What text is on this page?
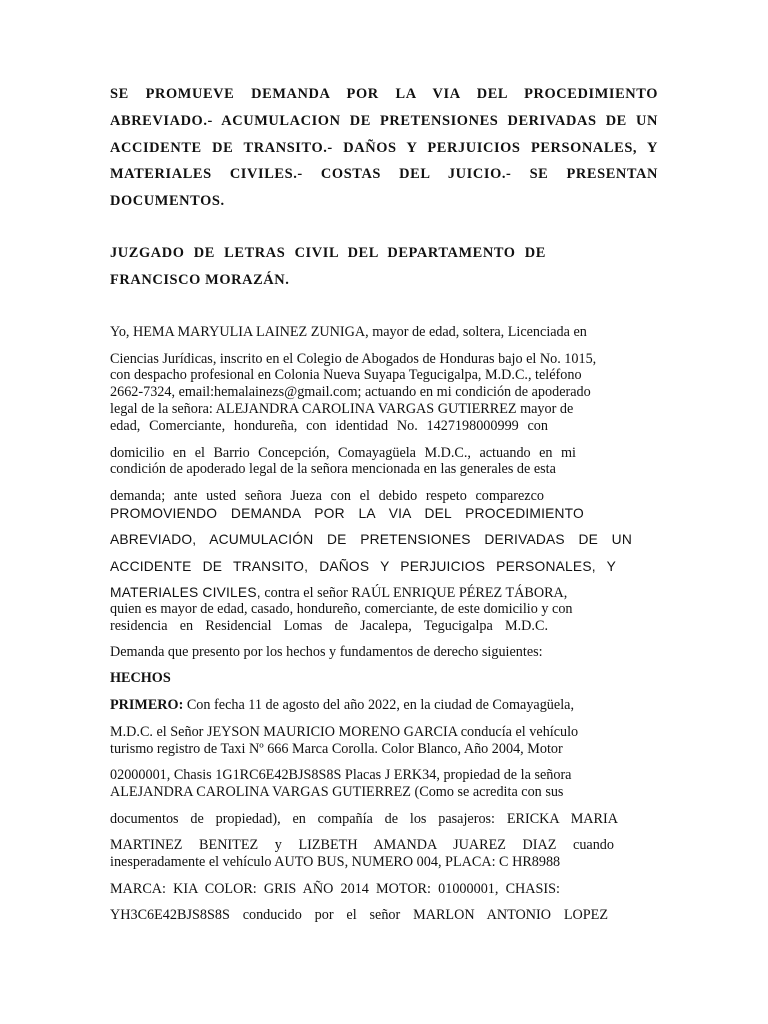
SE PROMUEVE DEMANDA POR LA VIA DEL PROCEDIMIENTO
ABREVIADO.- ACUMULACION DE PRETENSIONES DERIVADAS DE UN
ACCIDENTE DE TRANSITO.- DAÑOS Y PERJUICIOS PERSONALES, Y
MATERIALES CIVILES.- COSTAS DEL JUICIO.- SE PRESENTAN
DOCUMENTOS.
JUZGADO DE LETRAS CIVIL DEL DEPARTAMENTO DE
FRANCISCO MORAZÁN.
Yo, HEMA MARYULIA LAINEZ ZUNIGA, mayor de edad, soltera, Licenciada en
Ciencias Jurídicas, inscrito en el Colegio de Abogados de Honduras bajo el No. 1015,
con despacho profesional en Colonia Nueva Suyapa Tegucigalpa, M.D.C., teléfono
2662-7324, email:hemalainezs@gmail.com; actuando en mi condición de apoderado
legal de la señora: ALEJANDRA CAROLINA VARGAS GUTIERREZ mayor de
edad, Comerciante, hondureña, con identidad No. 1427198000999 con
domicilio en el Barrio Concepción, Comayagüela M.D.C., actuando en mi
condición de apoderado legal de la señora mencionada en las generales de esta
demanda; ante usted señora Jueza con el debido respeto comparezco
PROMOVIENDO DEMANDA POR LA VIA DEL PROCEDIMIENTO
ABREVIADO, ACUMULACIÓN DE PRETENSIONES DERIVADAS DE UN
ACCIDENTE DE TRANSITO, DAÑOS Y PERJUICIOS PERSONALES, Y
MATERIALES CIVILES, contra el señor RAÚL ENRIQUE PÉREZ TÁBORA,
quien es mayor de edad, casado, hondureño, comerciante, de este domicilio y con
residencia en Residencial Lomas de Jacalepa, Tegucigalpa M.D.C.
Demanda que presento por los hechos y fundamentos de derecho siguientes:
HECHOS
PRIMERO: Con fecha 11 de agosto del año 2022, en la ciudad de Comayagüela,
M.D.C. el Señor JEYSON MAURICIO MORENO GARCIA conducía el vehículo
turismo registro de Taxi Nº 666 Marca Corolla. Color Blanco, Año 2004, Motor
02000001, Chasis 1G1RC6E42BJS8S8S Placas J ERK34, propiedad de la señora
ALEJANDRA CAROLINA VARGAS GUTIERREZ (Como se acredita con sus
documentos de propiedad), en compañía de los pasajeros: ERICKA MARIA
MARTINEZ BENITEZ y LIZBETH AMANDA JUAREZ DIAZ cuando
inesperadamente el vehículo AUTO BUS, NUMERO 004, PLACA: C HR8988
MARCA: KIA COLOR: GRIS AÑO 2014 MOTOR: 01000001, CHASIS:
YH3C6E42BJS8S8S conducido por el señor MARLON ANTONIO LOPEZ
